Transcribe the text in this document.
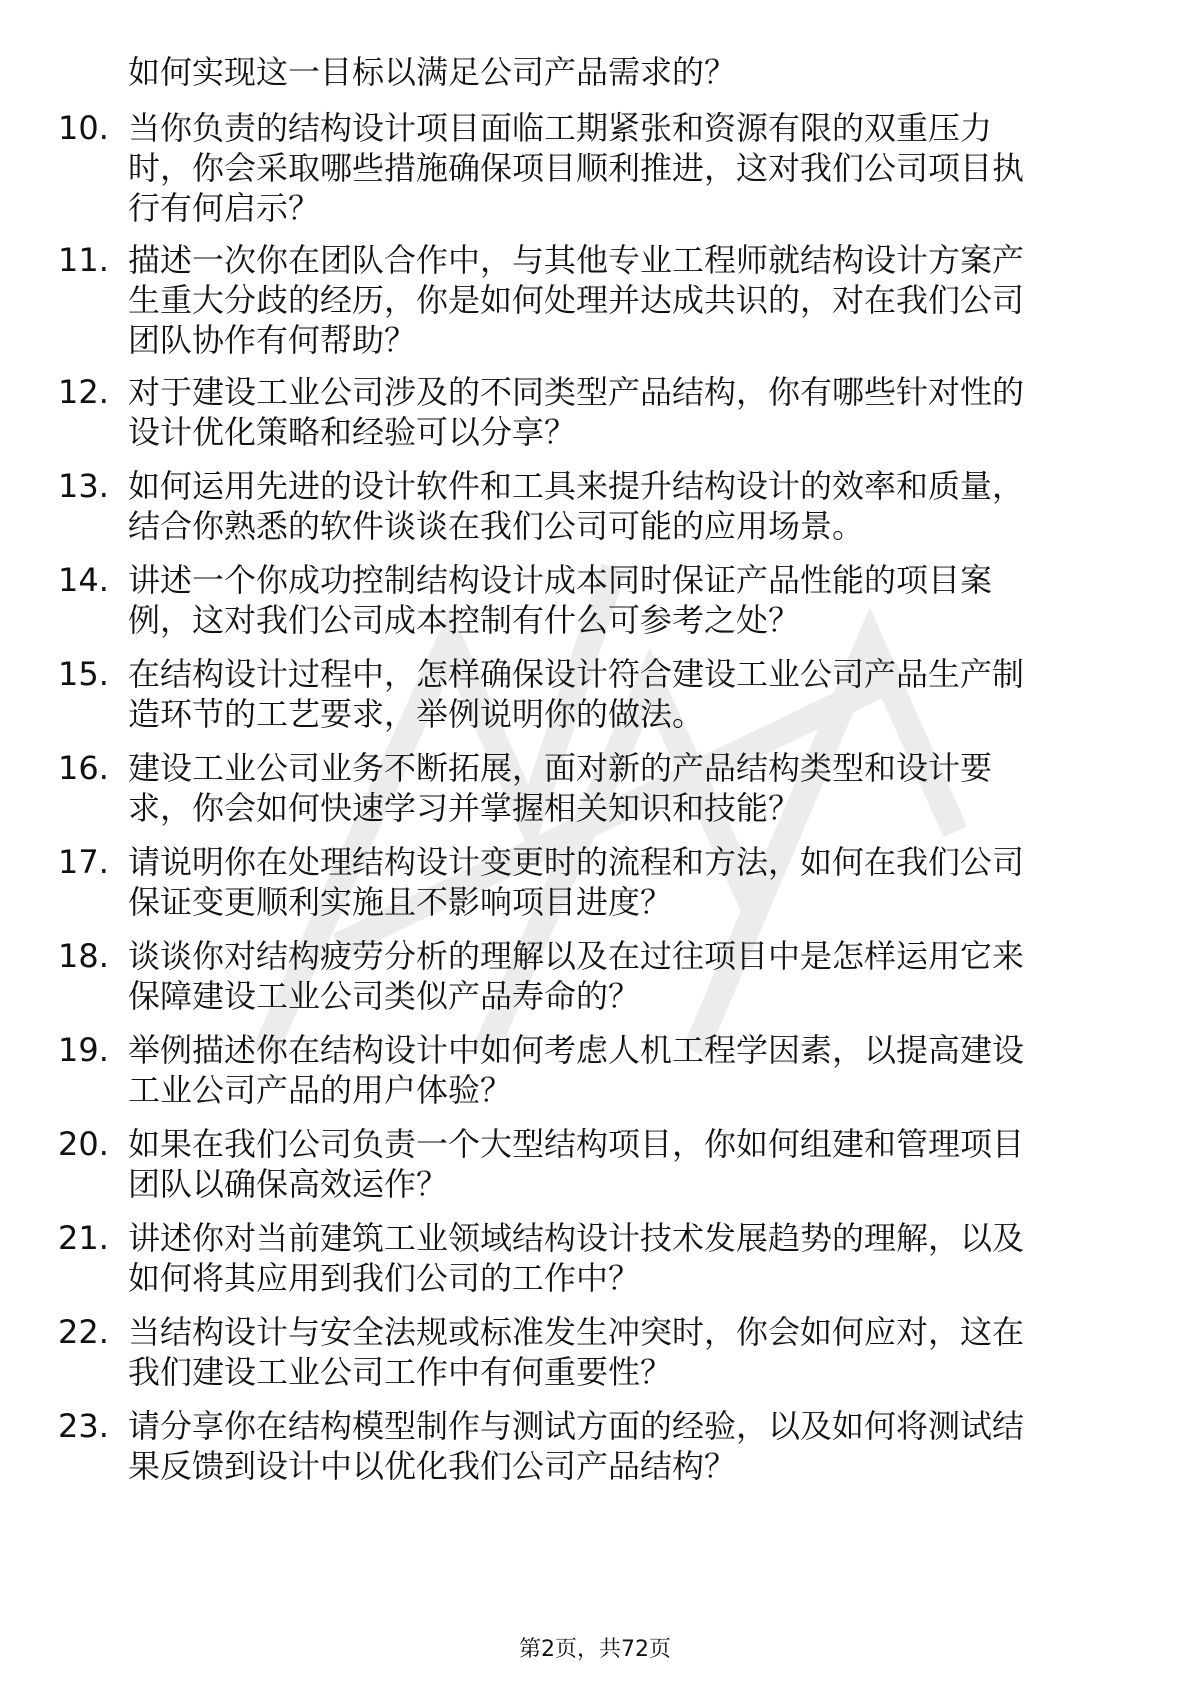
如何实现这一目标以满足公司产品需求的？
10. 当你负责的结构设计项目面临工期紧张和资源有限的双重压力
时，你会采取哪些措施确保项目顺利推进，这对我们公司项目执
行有何启示？
11. 描述一次你在团队合作中，与其他专业工程师就结构设计方案产
生重大分歧的经历，你是如何处理并达成共识的，对在我们公司
团队协作有何帮助？
12. 对于建设工业公司涉及的不同类型产品结构，你有哪些针对性的
设计优化策略和经验可以分享？
13. 如何运用先进的设计软件和工具来提升结构设计的效率和质量，
结合你熟悉的软件谈谈在我们公司可能的应用场景。
14. 讲述一个你成功控制结构设计成本同时保证产品性能的项目案
例，这对我们公司成本控制有什么可参考之处？
15. 在结构设计过程中，怎样确保设计符合建设工业公司产品生产制
造环节的工艺要求，举例说明你的做法。
16. 建设工业公司业务不断拓展，面对新的产品结构类型和设计要
求，你会如何快速学习并掌握相关知识和技能？
17. 请说明你在处理结构设计变更时的流程和方法，如何在我们公司
保证变更顺利实施且不影响项目进度？
18. 谈谈你对结构疲劳分析的理解以及在过往项目中是怎样运用它来
保障建设工业公司类似产品寿命的？
19. 举例描述你在结构设计中如何考虑人机工程学因素，以提高建设
工业公司产品的用户体验？
20. 如果在我们公司负责一个大型结构项目，你如何组建和管理项目
团队以确保高效运作？
21. 讲述你对当前建筑工业领域结构设计技术发展趋势的理解，以及
如何将其应用到我们公司的工作中？
22. 当结构设计与安全法规或标准发生冲突时，你会如何应对，这在
我们建设工业公司工作中有何重要性？
23. 请分享你在结构模型制作与测试方面的经验，以及如何将测试结
果反馈到设计中以优化我们公司产品结构？
第2页，共72页
